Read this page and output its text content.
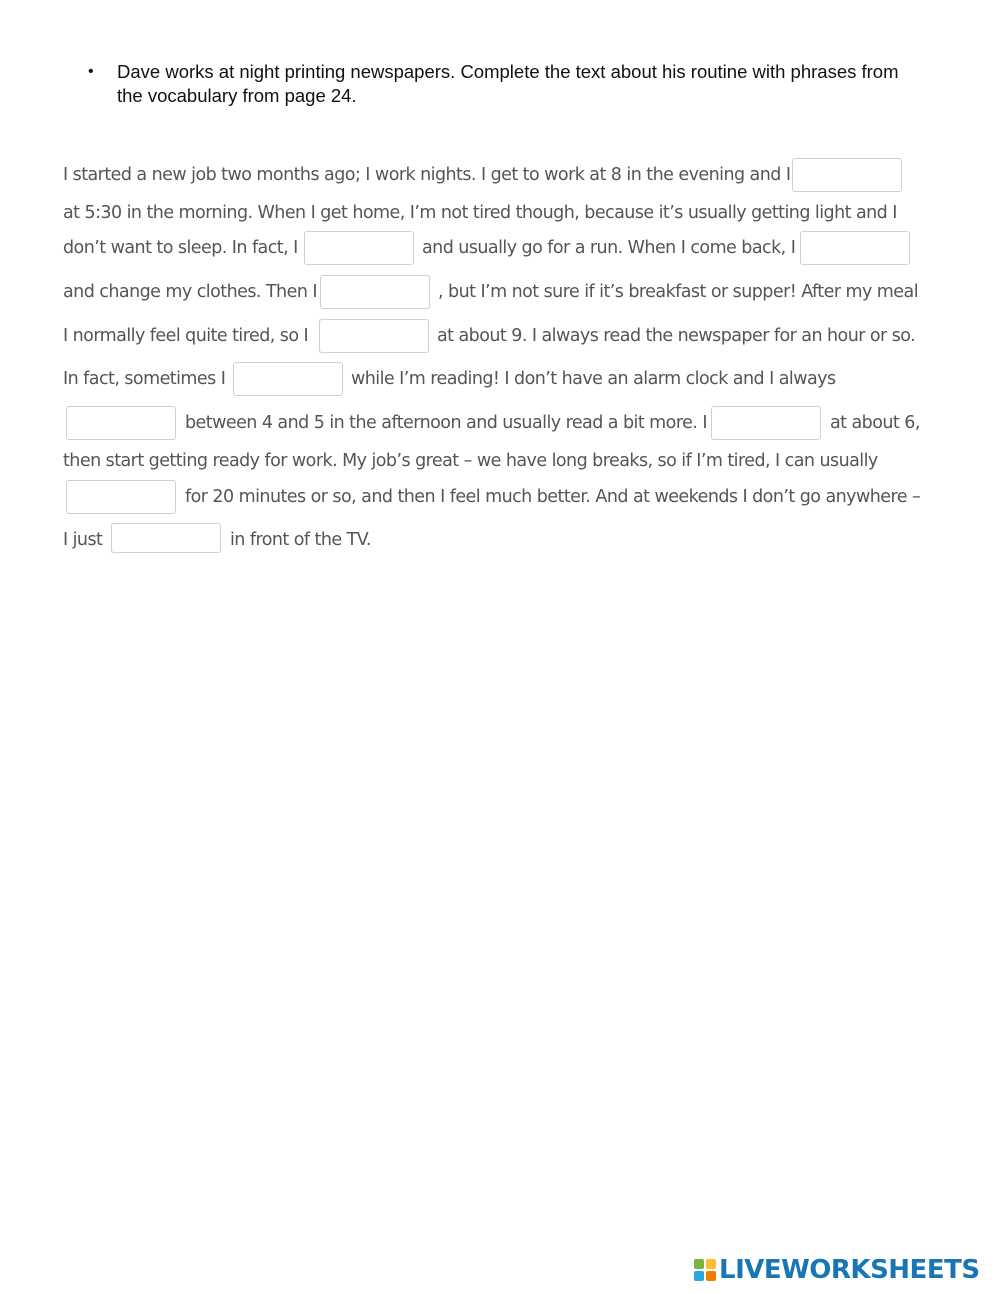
• Dave works at night printing newspapers. Complete the text about his routine with phrases from the vocabulary from page 24.
I started a new job two months ago; I work nights. I get to work at 8 in the evening and I
at 5:30 in the morning. When I get home, I’m not tired though, because it’s usually getting light and I
don’t want to sleep. In fact, I	and usually go for a run. When I come back, I
and change my clothes. Then I	, but I’m not sure if it’s breakfast or supper! After my meal
I normally feel quite tired, so I	at about 9. I always read the newspaper for an hour or so.
In fact, sometimes I	while I’m reading! I don’t have an alarm clock and I always
between 4 and 5 in the afternoon and usually read a bit more. I	at about 6,
then start getting ready for work. My job’s great – we have long breaks, so if I’m tired, I can usually
for 20 minutes or so, and then I feel much better. And at weekends I don’t go anywhere –
I just	in front of the TV.
LIVEWORKSHEETS
